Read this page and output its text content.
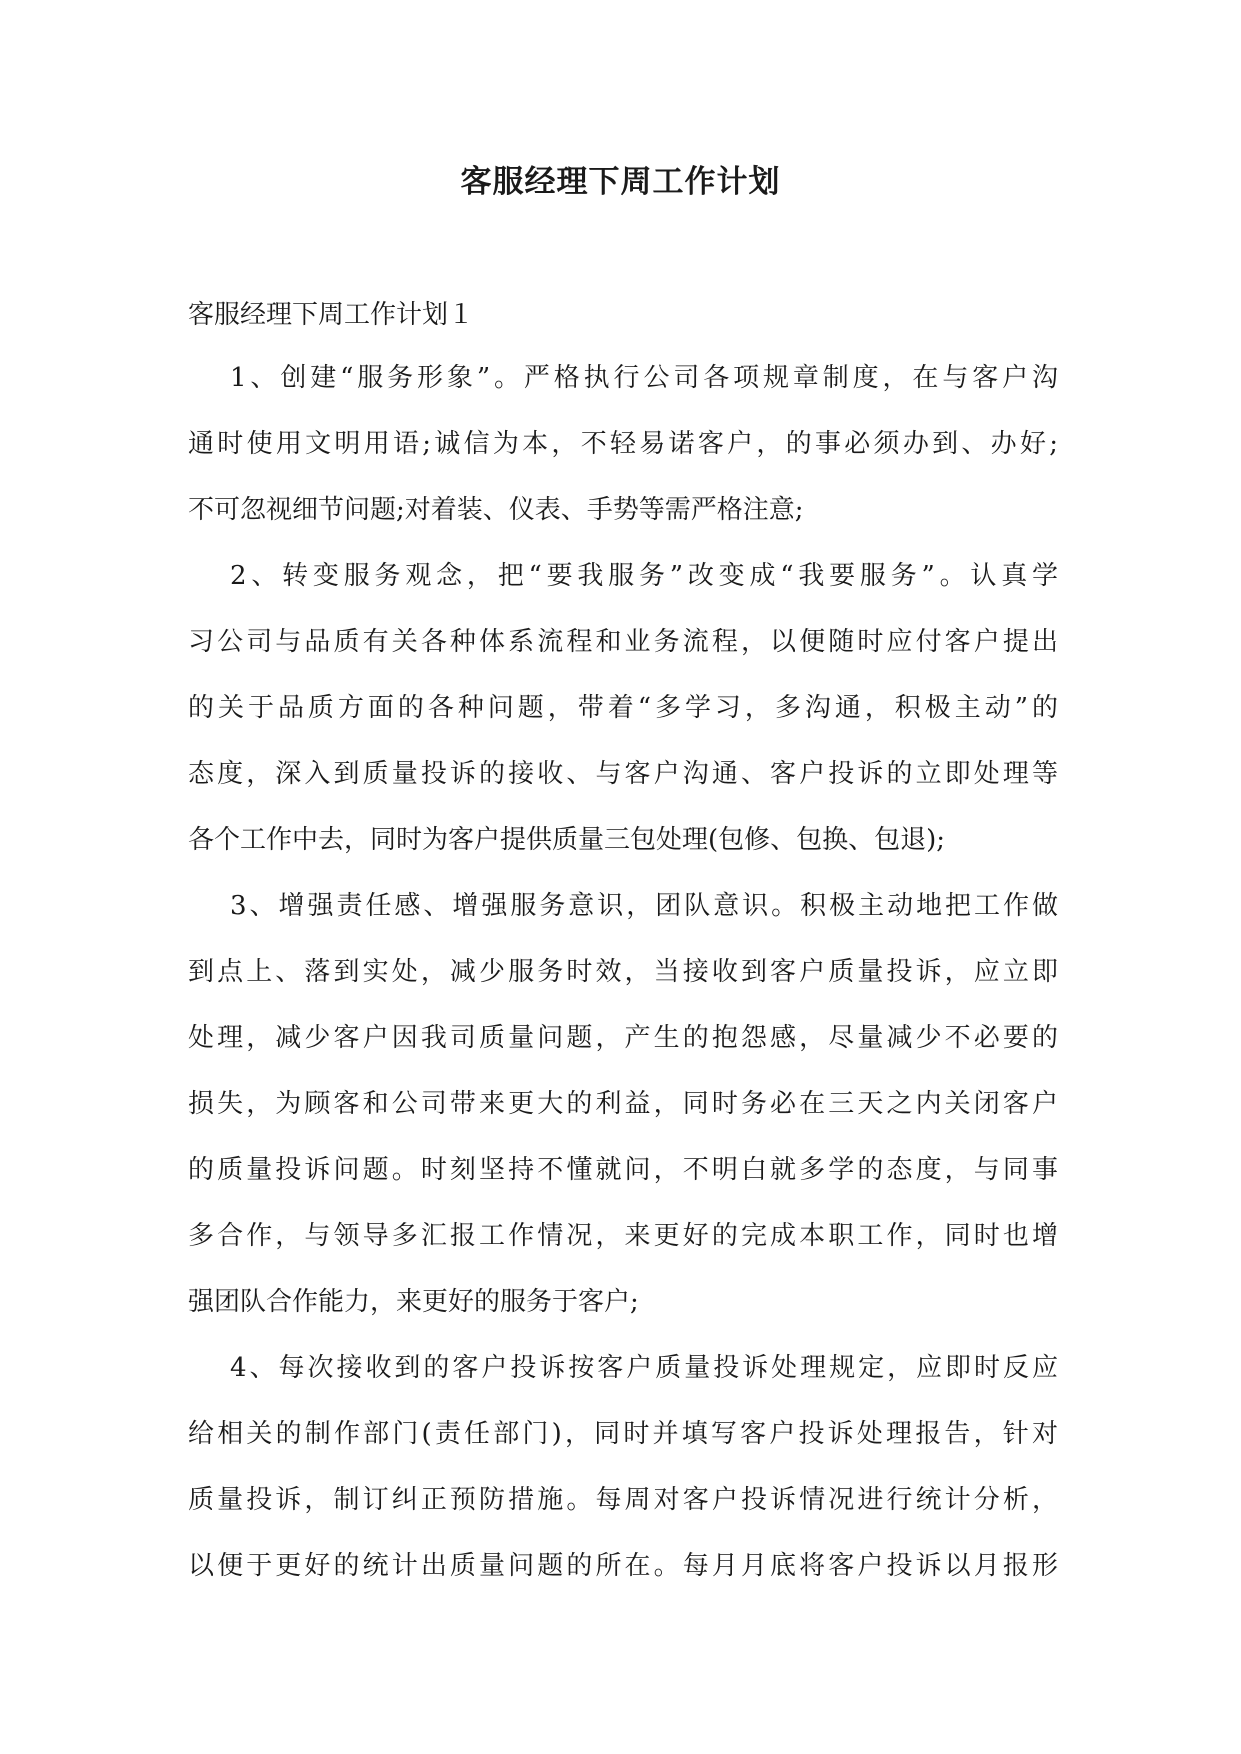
客服经理下周工作计划
客服经理下周工作计划１
1、创建“服务形象”。严格执行公司各项规章制度，在与客户沟
通时使用文明用语;诚信为本，不轻易诺客户，的事必须办到、办好;
不可忽视细节问题;对着装、仪表、手势等需严格注意;
2、转变服务观念，把“要我服务”改变成“我要服务”。认真学
习公司与品质有关各种体系流程和业务流程，以便随时应付客户提出
的关于品质方面的各种问题，带着“多学习，多沟通，积极主动”的
态度，深入到质量投诉的接收、与客户沟通、客户投诉的立即处理等
各个工作中去，同时为客户提供质量三包处理(包修、包换、包退);
3、增强责任感、增强服务意识，团队意识。积极主动地把工作做
到点上、落到实处，减少服务时效，当接收到客户质量投诉，应立即
处理，减少客户因我司质量问题，产生的抱怨感，尽量减少不必要的
损失，为顾客和公司带来更大的利益，同时务必在三天之内关闭客户
的质量投诉问题。时刻坚持不懂就问，不明白就多学的态度，与同事
多合作，与领导多汇报工作情况，来更好的完成本职工作，同时也增
强团队合作能力，来更好的服务于客户;
4、每次接收到的客户投诉按客户质量投诉处理规定，应即时反应
给相关的制作部门(责任部门)，同时并填写客户投诉处理报告，针对
质量投诉，制订纠正预防措施。每周对客户投诉情况进行统计分析，
以便于更好的统计出质量问题的所在。每月月底将客户投诉以月报形
